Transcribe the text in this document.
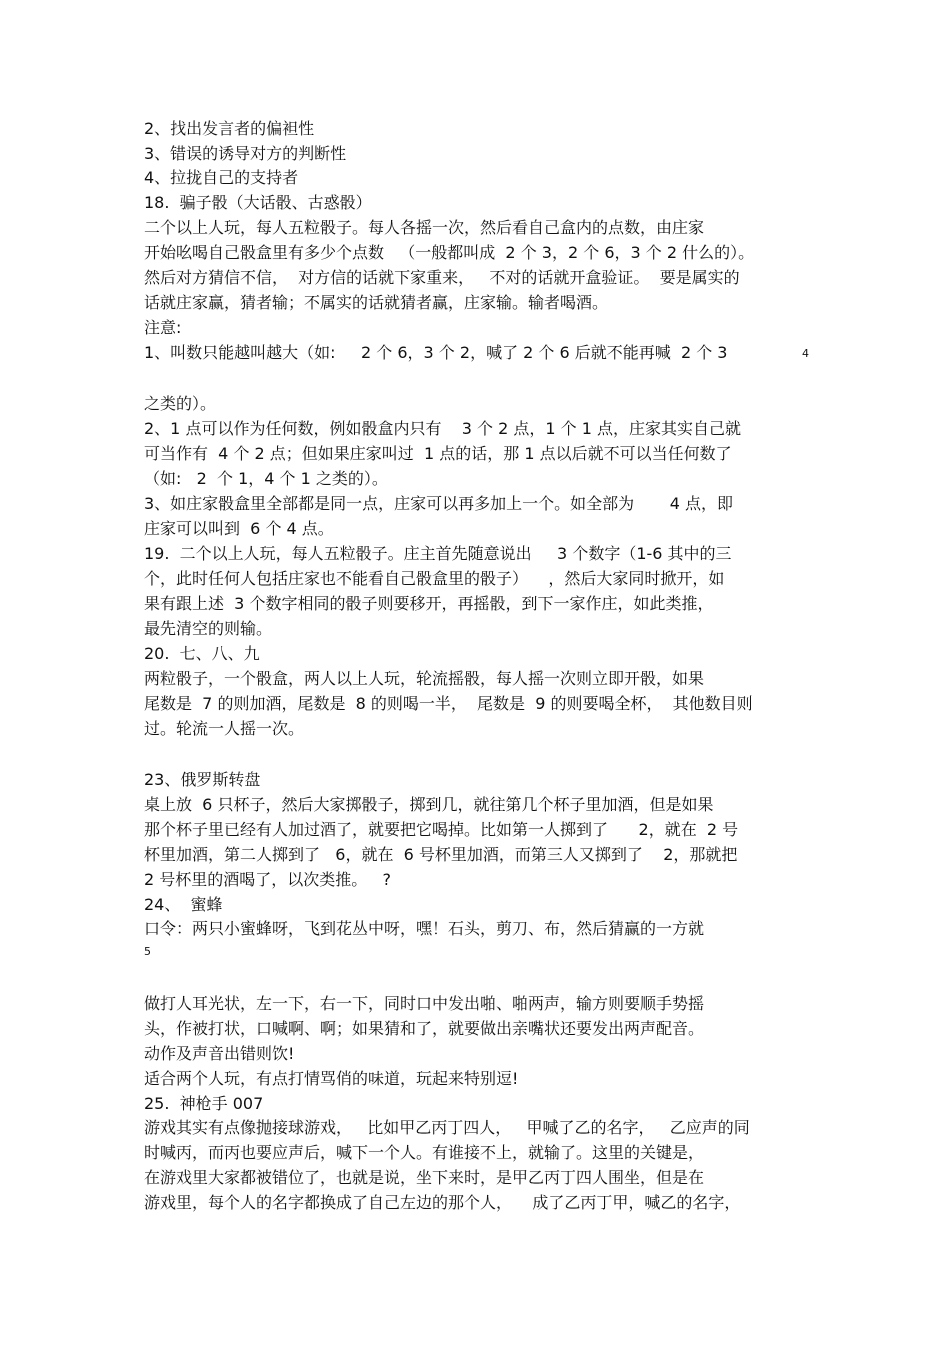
2、找出发言者的偏袒性
3、错误的诱导对方的判断性
4、拉拢自己的支持者
18.  骗子骰（大话骰、古惑骰）
二个以上人玩，每人五粒骰子。每人各摇一次，然后看自己盒内的点数，由庄家
开始吆喝自己骰盒里有多少个点数   （一般都叫成  2 个 3，2 个 6，3 个 2 什么的）。
然后对方猜信不信，  对方信的话就下家重来，   不对的话就开盒验证。  要是属实的
话就庄家赢，猜者输；不属实的话就猜者赢，庄家输。输者喝酒。
注意:
1、叫数只能越叫越大（如:     2 个 6，3 个 2，喊了 2 个 6 后就不能再喊  2 个 3	4
之类的）。
2、1 点可以作为任何数，例如骰盒内只有    3 个 2 点，1 个 1 点，庄家其实自己就
可当作有  4 个 2 点；但如果庄家叫过  1 点的话，那 1 点以后就不可以当任何数了
（如:   2  个 1，4 个 1 之类的）。
3、如庄家骰盒里全部都是同一点，庄家可以再多加上一个。如全部为       4 点，即
庄家可以叫到  6 个 4 点。
19.  二个以上人玩，每人五粒骰子。庄主首先随意说出     3 个数字（1-6 其中的三
个，此时任何人包括庄家也不能看自己骰盒里的骰子）    ，然后大家同时掀开，如
果有跟上述  3 个数字相同的骰子则要移开，再摇骰，到下一家作庄，如此类推，
最先清空的则输。
20.  七、八、九
两粒骰子，一个骰盒，两人以上人玩，轮流摇骰，每人摇一次则立即开骰，如果
尾数是  7 的则加酒，尾数是  8 的则喝一半，  尾数是  9 的则要喝全杯，  其他数目则
过。轮流一人摇一次。
23、俄罗斯转盘
桌上放  6 只杯子，然后大家掷骰子，掷到几，就往第几个杯子里加酒，但是如果
那个杯子里已经有人加过酒了，就要把它喝掉。比如第一人掷到了      2，就在  2 号
杯里加酒，第二人掷到了   6，就在  6 号杯里加酒，而第三人又掷到了    2，那就把
2 号杯里的酒喝了，以次类推。   ?
24、  蜜蜂
口令：两只小蜜蜂呀，飞到花丛中呀，嘿！石头，剪刀、布，然后猜赢的一方就
5
做打人耳光状，左一下，右一下，同时口中发出啪、啪两声，输方则要顺手势摇
头，作被打状，口喊啊、啊；如果猜和了，就要做出亲嘴状还要发出两声配音。
动作及声音出错则饮!
适合两个人玩，有点打情骂俏的味道，玩起来特别逗!
25.  神枪手 007
游戏其实有点像抛接球游戏，   比如甲乙丙丁四人，   甲喊了乙的名字，   乙应声的同
时喊丙，而丙也要应声后，喊下一个人。有谁接不上，就输了。这里的关键是，
在游戏里大家都被错位了，也就是说，坐下来时，是甲乙丙丁四人围坐，但是在
游戏里，每个人的名字都换成了自己左边的那个人，    成了乙丙丁甲，喊乙的名字，
